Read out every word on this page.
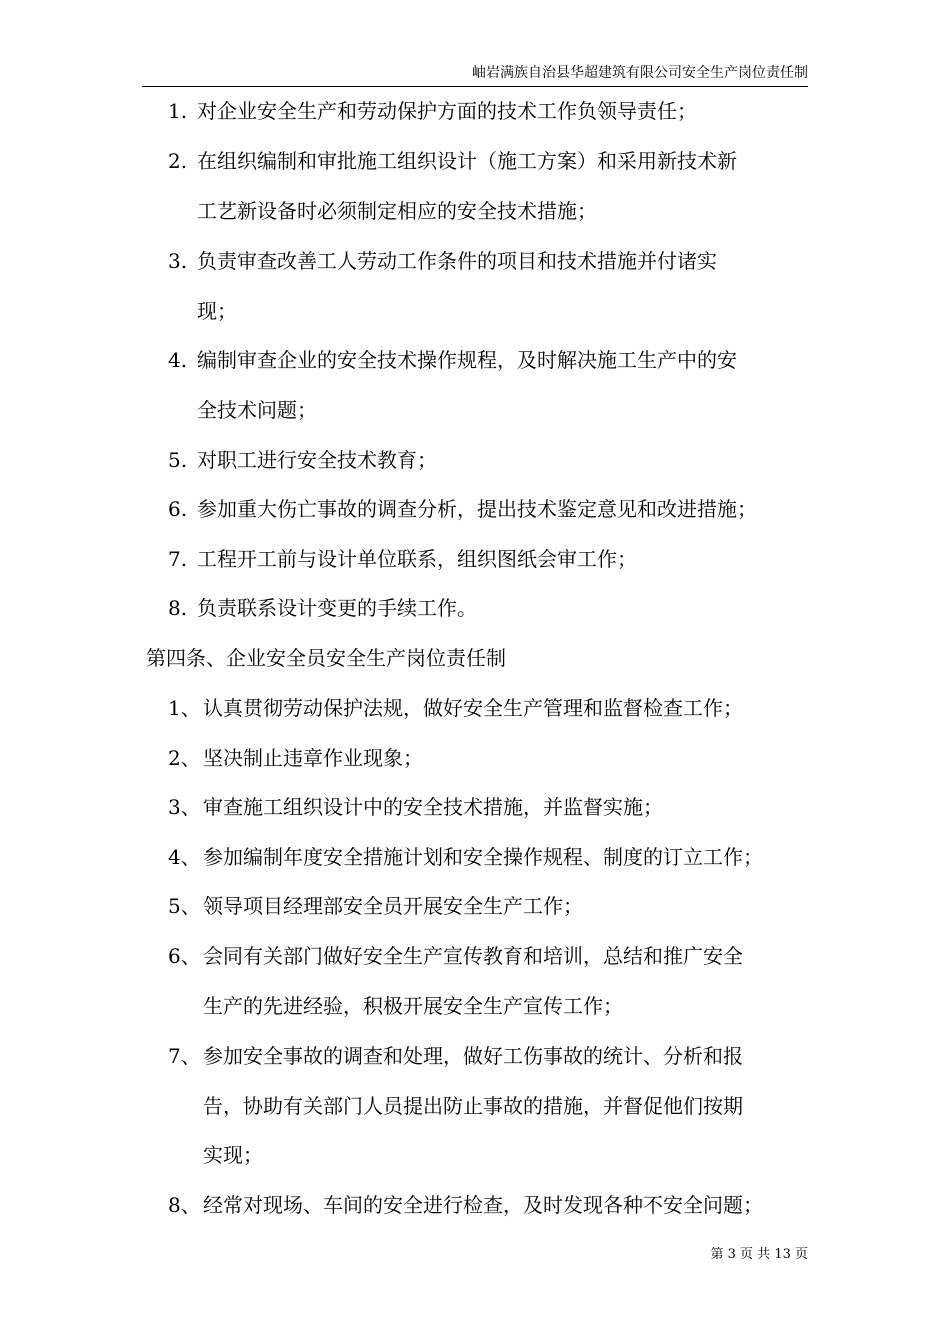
岫岩满族自治县华超建筑有限公司安全生产岗位责任制
1. 对企业安全生产和劳动保护方面的技术工作负领导责任；
2. 在组织编制和审批施工组织设计（施工方案）和采用新技术新
工艺新设备时必须制定相应的安全技术措施；
3. 负责审查改善工人劳动工作条件的项目和技术措施并付诸实
现；
4. 编制审查企业的安全技术操作规程，及时解决施工生产中的安
全技术问题；
5. 对职工进行安全技术教育；
6. 参加重大伤亡事故的调查分析，提出技术鉴定意见和改进措施；
7. 工程开工前与设计单位联系，组织图纸会审工作；
8. 负责联系设计变更的手续工作。
第四条、企业安全员安全生产岗位责任制
1、 认真贯彻劳动保护法规，做好安全生产管理和监督检查工作；
2、 坚决制止违章作业现象；
3、 审查施工组织设计中的安全技术措施，并监督实施；
4、 参加编制年度安全措施计划和安全操作规程、制度的订立工作；
5、 领导项目经理部安全员开展安全生产工作；
6、 会同有关部门做好安全生产宣传教育和培训，总结和推广安全
生产的先进经验，积极开展安全生产宣传工作；
7、 参加安全事故的调查和处理，做好工伤事故的统计、分析和报
告，协助有关部门人员提出防止事故的措施，并督促他们按期
实现；
8、 经常对现场、车间的安全进行检查，及时发现各种不安全问题；
第 3 页 共 13 页
